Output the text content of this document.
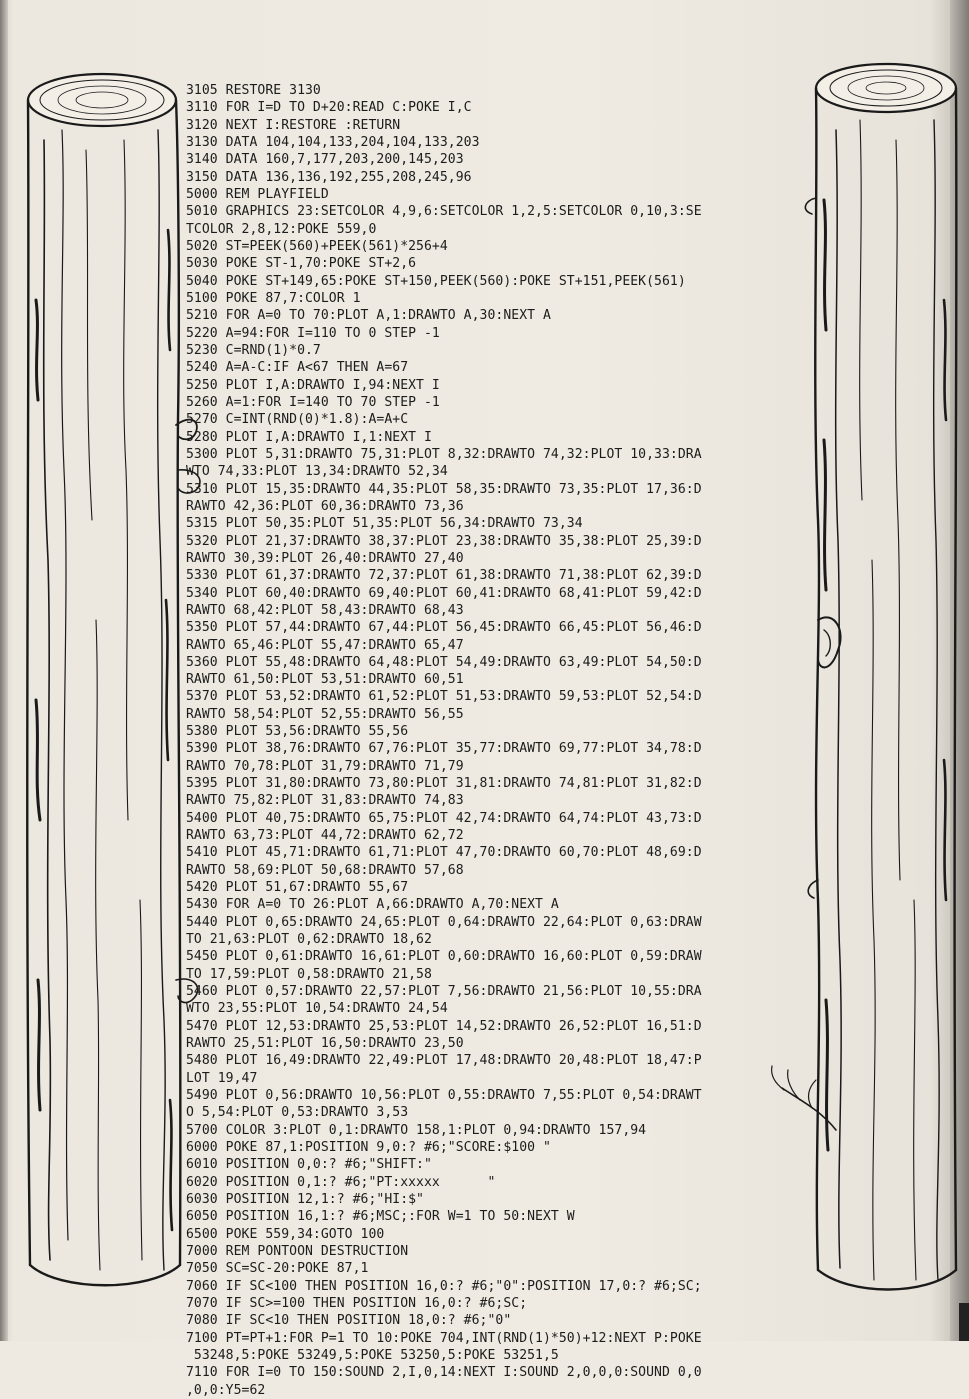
3105 RESTORE 3130
3110 FOR I=D TO D+20:READ C:POKE I,C
3120 NEXT I:RESTORE :RETURN
3130 DATA 104,104,133,204,104,133,203
3140 DATA 160,7,177,203,200,145,203
3150 DATA 136,136,192,255,208,245,96
5000 REM PLAYFIELD
5010 GRAPHICS 23:SETCOLOR 4,9,6:SETCOLOR 1,2,5:SETCOLOR 0,10,3:SE
TCOLOR 2,8,12:POKE 559,0
5020 ST=PEEK(560)+PEEK(561)*256+4
5030 POKE ST-1,70:POKE ST+2,6
5040 POKE ST+149,65:POKE ST+150,PEEK(560):POKE ST+151,PEEK(561)
5100 POKE 87,7:COLOR 1
5210 FOR A=0 TO 70:PLOT A,1:DRAWTO A,30:NEXT A
5220 A=94:FOR I=110 TO 0 STEP -1
5230 C=RND(1)*0.7
5240 A=A-C:IF A<67 THEN A=67
5250 PLOT I,A:DRAWTO I,94:NEXT I
5260 A=1:FOR I=140 TO 70 STEP -1
5270 C=INT(RND(0)*1.8):A=A+C
5280 PLOT I,A:DRAWTO I,1:NEXT I
5300 PLOT 5,31:DRAWTO 75,31:PLOT 8,32:DRAWTO 74,32:PLOT 10,33:DRA
WTO 74,33:PLOT 13,34:DRAWTO 52,34
5310 PLOT 15,35:DRAWTO 44,35:PLOT 58,35:DRAWTO 73,35:PLOT 17,36:D
RAWTO 42,36:PLOT 60,36:DRAWTO 73,36
5315 PLOT 50,35:PLOT 51,35:PLOT 56,34:DRAWTO 73,34
5320 PLOT 21,37:DRAWTO 38,37:PLOT 23,38:DRAWTO 35,38:PLOT 25,39:D
RAWTO 30,39:PLOT 26,40:DRAWTO 27,40
5330 PLOT 61,37:DRAWTO 72,37:PLOT 61,38:DRAWTO 71,38:PLOT 62,39:D
5340 PLOT 60,40:DRAWTO 69,40:PLOT 60,41:DRAWTO 68,41:PLOT 59,42:D
RAWTO 68,42:PLOT 58,43:DRAWTO 68,43
5350 PLOT 57,44:DRAWTO 67,44:PLOT 56,45:DRAWTO 66,45:PLOT 56,46:D
RAWTO 65,46:PLOT 55,47:DRAWTO 65,47
5360 PLOT 55,48:DRAWTO 64,48:PLOT 54,49:DRAWTO 63,49:PLOT 54,50:D
RAWTO 61,50:PLOT 53,51:DRAWTO 60,51
5370 PLOT 53,52:DRAWTO 61,52:PLOT 51,53:DRAWTO 59,53:PLOT 52,54:D
RAWTO 58,54:PLOT 52,55:DRAWTO 56,55
5380 PLOT 53,56:DRAWTO 55,56
5390 PLOT 38,76:DRAWTO 67,76:PLOT 35,77:DRAWTO 69,77:PLOT 34,78:D
RAWTO 70,78:PLOT 31,79:DRAWTO 71,79
5395 PLOT 31,80:DRAWTO 73,80:PLOT 31,81:DRAWTO 74,81:PLOT 31,82:D
RAWTO 75,82:PLOT 31,83:DRAWTO 74,83
5400 PLOT 40,75:DRAWTO 65,75:PLOT 42,74:DRAWTO 64,74:PLOT 43,73:D
RAWTO 63,73:PLOT 44,72:DRAWTO 62,72
5410 PLOT 45,71:DRAWTO 61,71:PLOT 47,70:DRAWTO 60,70:PLOT 48,69:D
RAWTO 58,69:PLOT 50,68:DRAWTO 57,68
5420 PLOT 51,67:DRAWTO 55,67
5430 FOR A=0 TO 26:PLOT A,66:DRAWTO A,70:NEXT A
5440 PLOT 0,65:DRAWTO 24,65:PLOT 0,64:DRAWTO 22,64:PLOT 0,63:DRAW
TO 21,63:PLOT 0,62:DRAWTO 18,62
5450 PLOT 0,61:DRAWTO 16,61:PLOT 0,60:DRAWTO 16,60:PLOT 0,59:DRAW
TO 17,59:PLOT 0,58:DRAWTO 21,58
5460 PLOT 0,57:DRAWTO 22,57:PLOT 7,56:DRAWTO 21,56:PLOT 10,55:DRA
WTO 23,55:PLOT 10,54:DRAWTO 24,54
5470 PLOT 12,53:DRAWTO 25,53:PLOT 14,52:DRAWTO 26,52:PLOT 16,51:D
RAWTO 25,51:PLOT 16,50:DRAWTO 23,50
5480 PLOT 16,49:DRAWTO 22,49:PLOT 17,48:DRAWTO 20,48:PLOT 18,47:P
LOT 19,47
5490 PLOT 0,56:DRAWTO 10,56:PLOT 0,55:DRAWTO 7,55:PLOT 0,54:DRAWT
O 5,54:PLOT 0,53:DRAWTO 3,53
5700 COLOR 3:PLOT 0,1:DRAWTO 158,1:PLOT 0,94:DRAWTO 157,94
6000 POKE 87,1:POSITION 9,0:? #6;"SCORE:$100 "
6010 POSITION 0,0:? #6;"SHIFT:"
6020 POSITION 0,1:? #6;"PT:xxxxx      "
6030 POSITION 12,1:? #6;"HI:$"
6050 POSITION 16,1:? #6;MSC;:FOR W=1 TO 50:NEXT W
6500 POKE 559,34:GOTO 100
7000 REM PONTOON DESTRUCTION
7050 SC=SC-20:POKE 87,1
7060 IF SC<100 THEN POSITION 16,0:? #6;"0":POSITION 17,0:? #6;SC;
7070 IF SC>=100 THEN POSITION 16,0:? #6;SC;
7080 IF SC<10 THEN POSITION 18,0:? #6;"0"
7100 PT=PT+1:FOR P=1 TO 10:POKE 704,INT(RND(1)*50)+12:NEXT P:POKE
53248,5:POKE 53249,5:POKE 53250,5:POKE 53251,5
7110 FOR I=0 TO 150:SOUND 2,I,0,14:NEXT I:SOUND 2,0,0,0:SOUND 0,0
,0,0:Y5=62
